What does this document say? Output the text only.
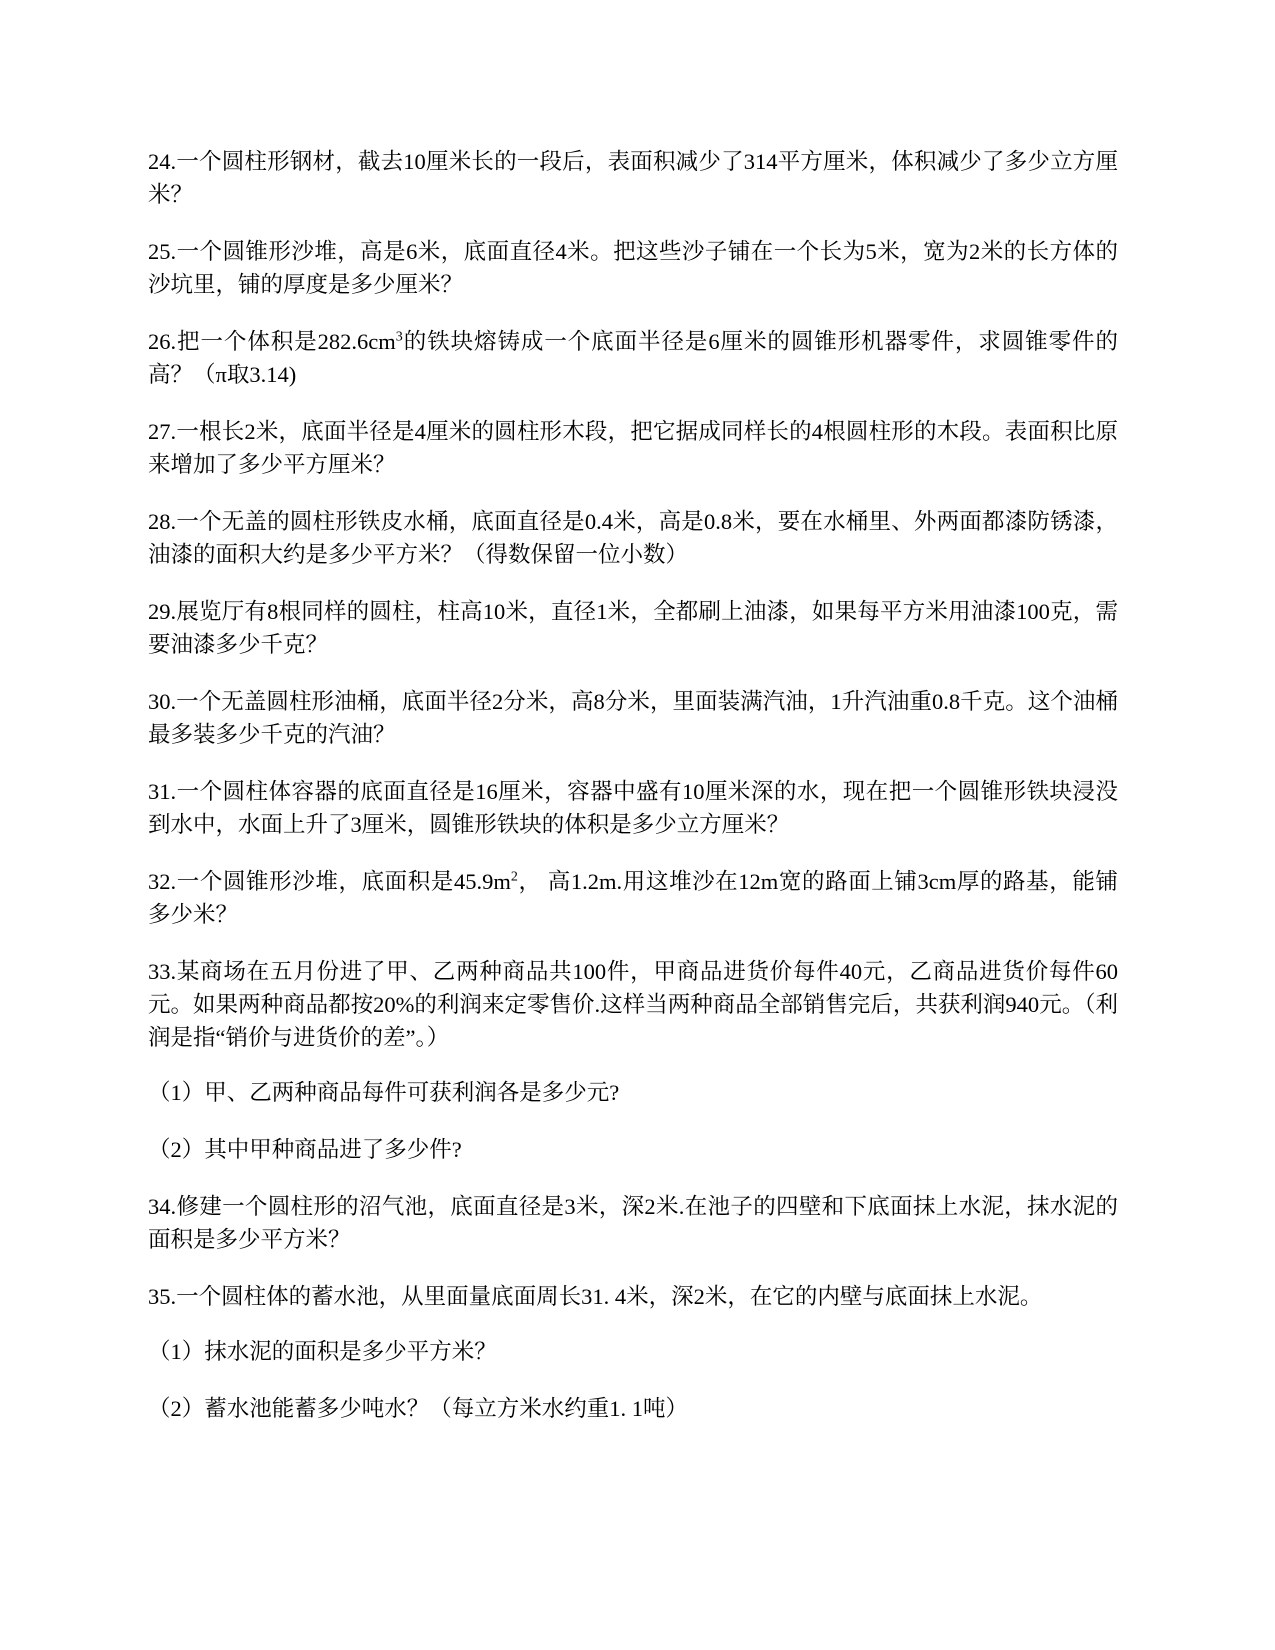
24.一个圆柱形钢材，截去10厘米长的一段后，表面积减少了314平方厘米，体积减少了多少立方厘米？

25.一个圆锥形沙堆，高是6米，底面直径4米。把这些沙子铺在一个长为5米，宽为2米的长方体的沙坑里，铺的厚度是多少厘米？

26.把一个体积是$282.6cm^3$的铁块熔铸成一个底面半径是6厘米的圆锥形机器零件，求圆锥零件的高？（π取3.14)

27.一根长2米，底面半径是4厘米的圆柱形木段，把它据成同样长的4根圆柱形的木段。表面积比原来增加了多少平方厘米？

28.一个无盖的圆柱形铁皮水桶，底面直径是0.4米，高是0.8米，要在水桶里、外两面都漆防锈漆，油漆的面积大约是多少平方米？（得数保留一位小数）

29.展览厅有8根同样的圆柱，柱高10米，直径1米，全都刷上油漆，如果每平方米用油漆100克，需要油漆多少千克？

30.一个无盖圆柱形油桶，底面半径2分米，高8分米，里面装满汽油，1升汽油重0.8千克。这个油桶最多装多少千克的汽油？

31.一个圆柱体容器的底面直径是16厘米，容器中盛有10厘米深的水，现在把一个圆锥形铁块浸没到水中，水面上升了3厘米，圆锥形铁块的体积是多少立方厘米？

32.一个圆锥形沙堆，底面积是$45.9m^2$， 高1.2m.用这堆沙在12m宽的路面上铺3cm厚的路基，能铺多少米？

33.某商场在五月份进了甲、乙两种商品共100件，甲商品进货价每件40元，乙商品进货价每件60元。如果两种商品都按20%的利润来定零售价.这样当两种商品全部销售完后，共获利润940元。（利润是指“销价与进货价的差”。）

（1）甲、乙两种商品每件可获利润各是多少元?

（2）其中甲种商品进了多少件?

34.修建一个圆柱形的沼气池，底面直径是3米，深2米.在池子的四壁和下底面抹上水泥，抹水泥的面积是多少平方米？

35.一个圆柱体的蓄水池，从里面量底面周长31. 4米，深2米，在它的内壁与底面抹上水泥。

（1）抹水泥的面积是多少平方米？

（2）蓄水池能蓄多少吨水？（每立方米水约重1. 1吨）
